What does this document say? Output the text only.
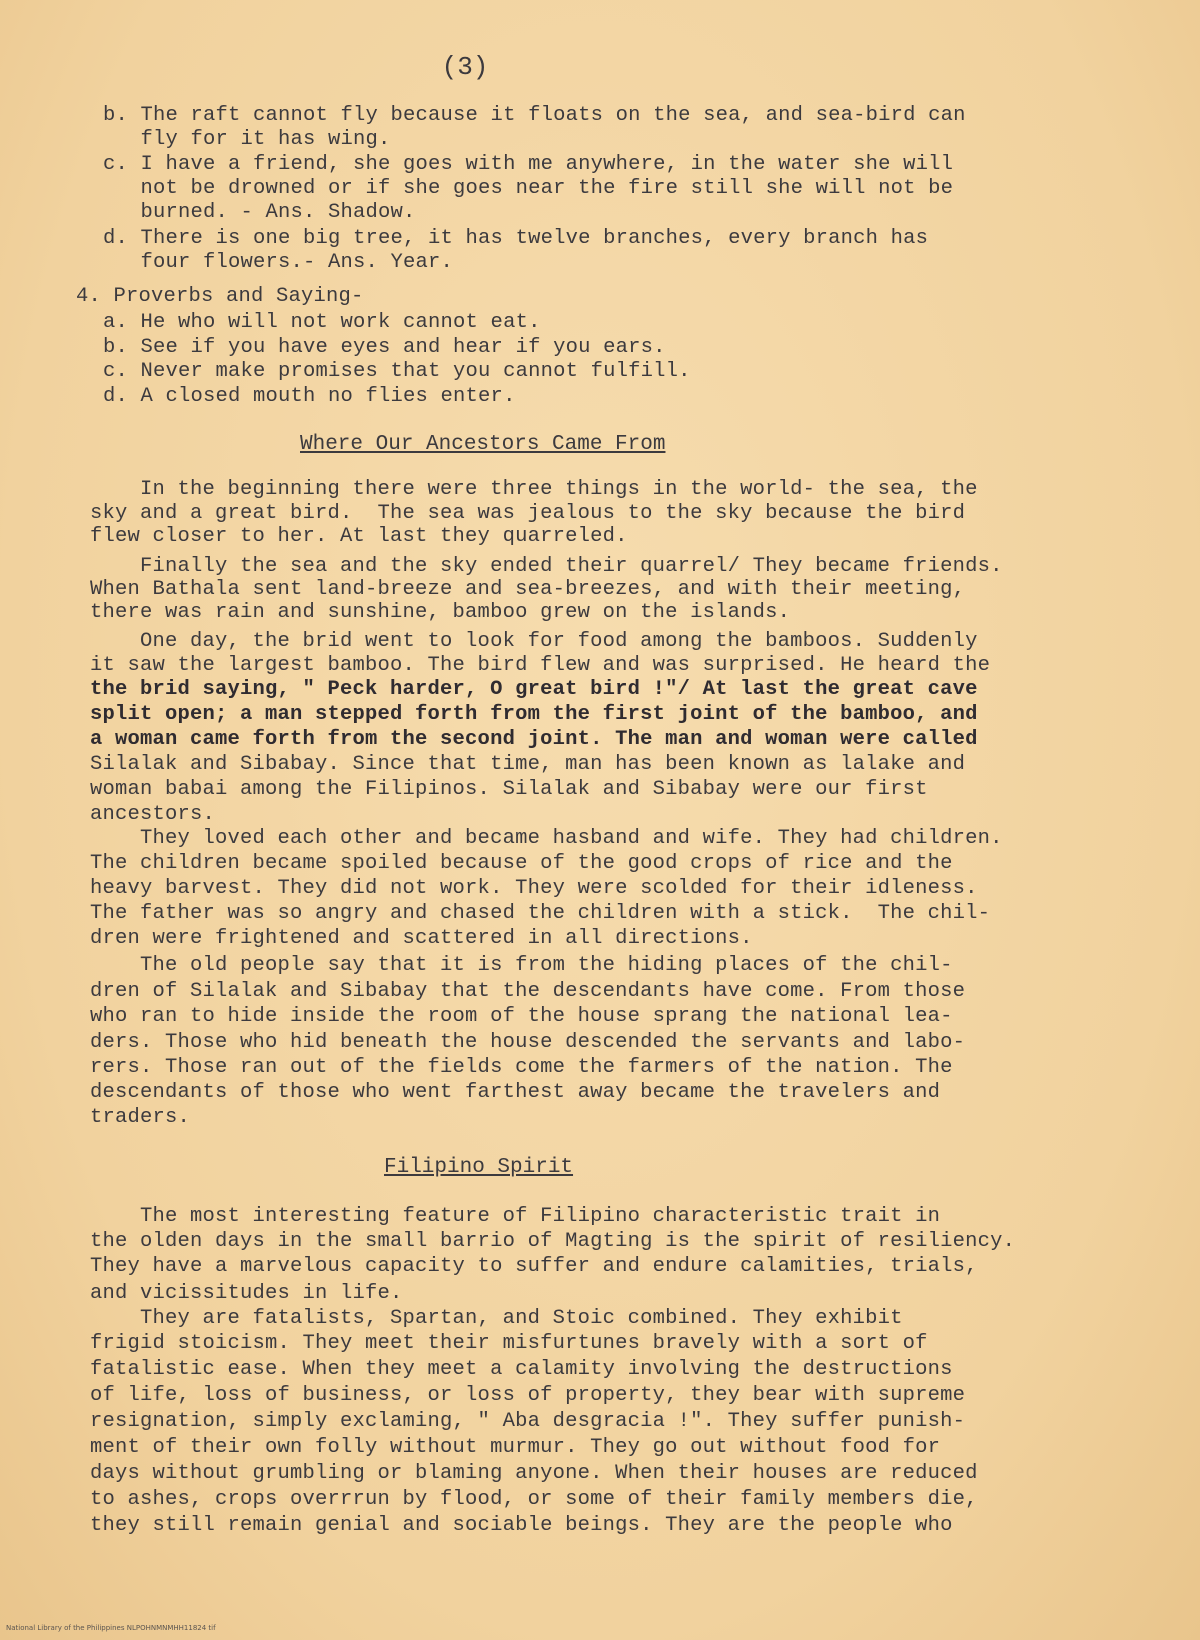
(3)
b. The raft cannot fly because it floats on the sea, and sea-bird can
fly for it has wing.
c. I have a friend, she goes with me anywhere, in the water she will
not be drowned or if she goes near the fire still she will not be
burned. - Ans. Shadow.
d. There is one big tree, it has twelve branches, every branch has
four flowers.- Ans. Year.
4. Proverbs and Saying-
a. He who will not work cannot eat.
b. See if you have eyes and hear if you ears.
c. Never make promises that you cannot fulfill.
d. A closed mouth no flies enter.
Where Our Ancestors Came From
In the beginning there were three things in the world- the sea, the
sky and a great bird.  The sea was jealous to the sky because the bird
flew closer to her. At last they quarreled.
Finally the sea and the sky ended their quarrel/ They became friends.
When Bathala sent land-breeze and sea-breezes, and with their meeting,
there was rain and sunshine, bamboo grew on the islands.
One day, the brid went to look for food among the bamboos. Suddenly
it saw the largest bamboo. The bird flew and was surprised. He heard the
the brid saying, " Peck harder, O great bird !"/ At last the great cave
split open; a man stepped forth from the first joint of the bamboo, and
a woman came forth from the second joint. The man and woman were called
Silalak and Sibabay. Since that time, man has been known as lalake and
woman babai among the Filipinos. Silalak and Sibabay were our first
ancestors.
They loved each other and became hasband and wife. They had children.
The children became spoiled because of the good crops of rice and the
heavy barvest. They did not work. They were scolded for their idleness.
The father was so angry and chased the children with a stick.  The chil-
dren were frightened and scattered in all directions.
The old people say that it is from the hiding places of the chil-
dren of Silalak and Sibabay that the descendants have come. From those
who ran to hide inside the room of the house sprang the national lea-
ders. Those who hid beneath the house descended the servants and labo-
rers. Those ran out of the fields come the farmers of the nation. The
descendants of those who went farthest away became the travelers and
traders.
Filipino Spirit
The most interesting feature of Filipino characteristic trait in
the olden days in the small barrio of Magting is the spirit of resiliency.
They have a marvelous capacity to suffer and endure calamities, trials,
and vicissitudes in life.
They are fatalists, Spartan, and Stoic combined. They exhibit
frigid stoicism. They meet their misfurtunes bravely with a sort of
fatalistic ease. When they meet a calamity involving the destructions
of life, loss of business, or loss of property, they bear with supreme
resignation, simply exclaming, " Aba desgracia !". They suffer punish-
ment of their own folly without murmur. They go out without food for
days without grumbling or blaming anyone. When their houses are reduced
to ashes, crops overrrun by flood, or some of their family members die,
they still remain genial and sociable beings. They are the people who
National Library of the Philippines NLPOHNMNMHH11824 tif
